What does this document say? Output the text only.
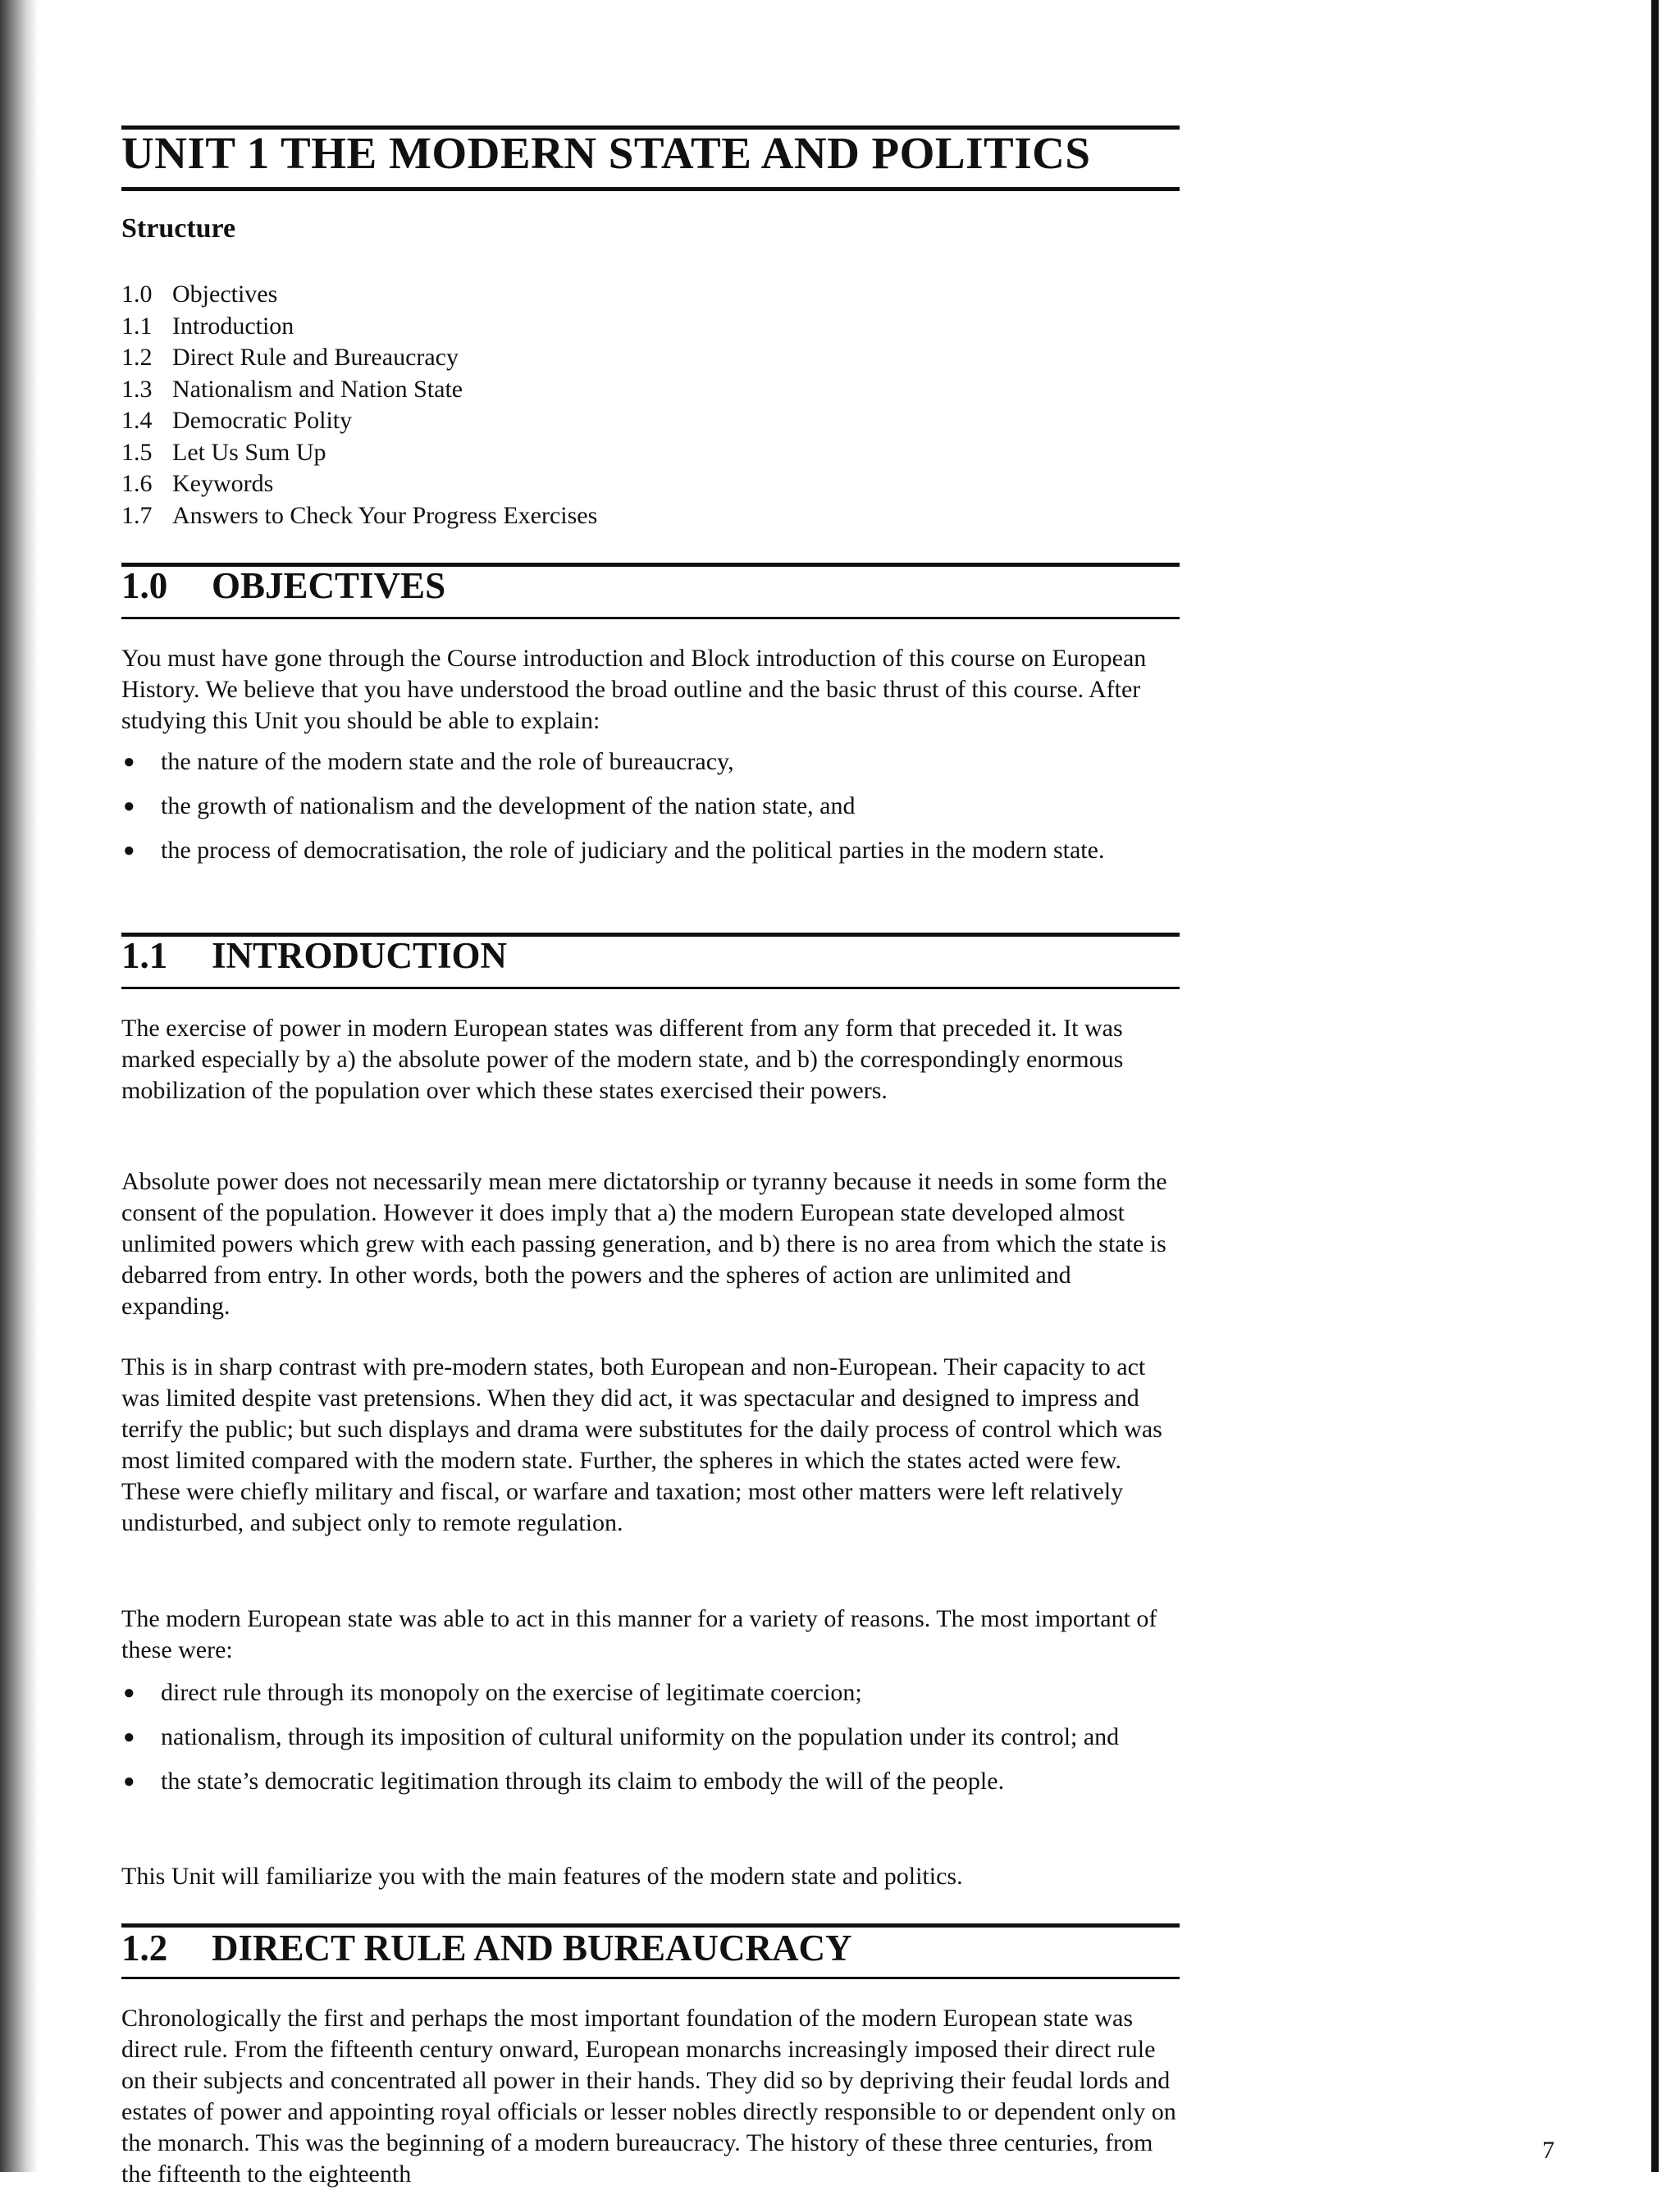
UNIT 1 THE MODERN STATE AND POLITICS
Structure
1.0 Objectives
1.1 Introduction
1.2 Direct Rule and Bureaucracy
1.3 Nationalism and Nation State
1.4 Democratic Polity
1.5 Let Us Sum Up
1.6 Keywords
1.7 Answers to Check Your Progress Exercises
1.0 OBJECTIVES

You must have gone through the Course introduction and Block introduction of this course on European History. We believe that you have understood the broad outline and the basic thrust of this course. After studying this Unit you should be able to explain:

● the nature of the modern state and the role of bureaucracy,
● the growth of nationalism and the development of the nation state, and
● the process of democratisation, the role of judiciary and the political parties in the modern state.
1.1 INTRODUCTION

The exercise of power in modern European states was different from any form that preceded it. It was marked especially by a) the absolute power of the modern state, and b) the correspondingly enormous mobilization of the population over which these states exercised their powers.

Absolute power does not necessarily mean mere dictatorship or tyranny because it needs in some form the consent of the population. However it does imply that a) the modern European state developed almost unlimited powers which grew with each passing generation, and b) there is no area from which the state is debarred from entry. In other words, both the powers and the spheres of action are unlimited and expanding.

This is in sharp contrast with pre-modern states, both European and non-European. Their capacity to act was limited despite vast pretensions. When they did act, it was spectacular and designed to impress and terrify the public; but such displays and drama were substitutes for the daily process of control which was most limited compared with the modern state. Further, the spheres in which the states acted were few. These were chiefly military and fiscal, or warfare and taxation; most other matters were left relatively undisturbed, and subject only to remote regulation.

The modern European state was able to act in this manner for a variety of reasons. The most important of these were:

● direct rule through its monopoly on the exercise of legitimate coercion;
● nationalism, through its imposition of cultural uniformity on the population under its control; and
● the state’s democratic legitimation through its claim to embody the will of the people.

This Unit will familiarize you with the main features of the modern state and politics.

1.2 DIRECT RULE AND BUREAUCRACY

Chronologically the first and perhaps the most important foundation of the modern European state was direct rule. From the fifteenth century onward, European monarchs increasingly imposed their direct rule on their subjects and concentrated all power in their hands. They did so by depriving their feudal lords and estates of power and appointing royal officials or lesser nobles directly responsible to or dependent only on the monarch. This was the beginning of a modern bureaucracy. The history of these three centuries, from the fifteenth to the eighteenth

7
